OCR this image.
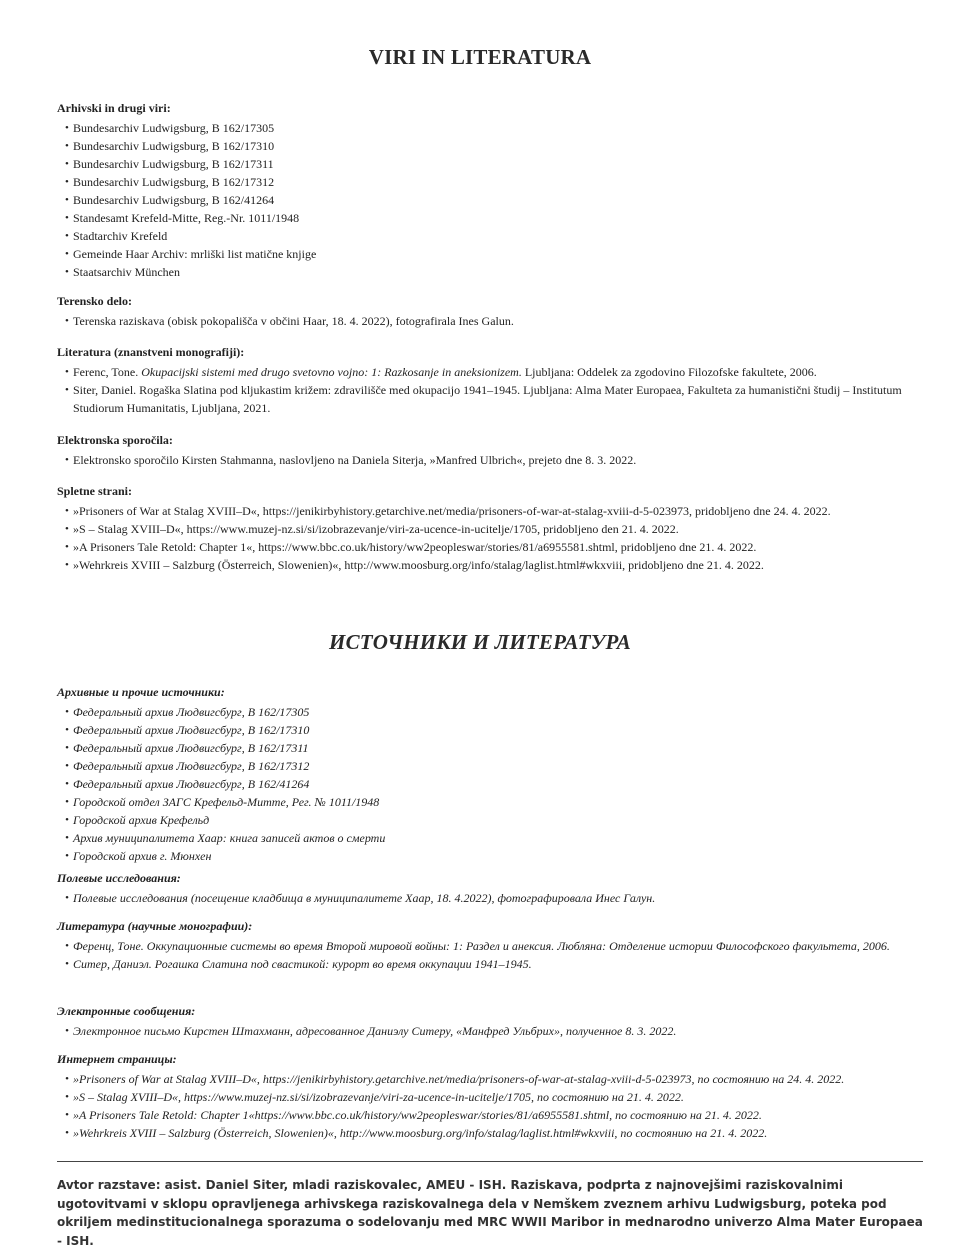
VIRI IN LITERATURA
Arhivski in drugi viri:
• Bundesarchiv Ludwigsburg, B 162/17305
• Bundesarchiv Ludwigsburg, B 162/17310
• Bundesarchiv Ludwigsburg, B 162/17311
• Bundesarchiv Ludwigsburg, B 162/17312
• Bundesarchiv Ludwigsburg, B 162/41264
• Standesamt Krefeld-Mitte, Reg.-Nr. 1011/1948
• Stadtarchiv Krefeld
• Gemeinde Haar Archiv: mrliški list matične knjige
• Staatsarchiv München
Terensko delo:
• Terenska raziskava (obisk pokopališča v občini Haar, 18. 4. 2022), fotografirala Ines Galun.
Literatura (znanstveni monografiji):
• Ferenc, Tone. Okupacijski sistemi med drugo svetovno vojno: 1: Razkosanje in aneksionizem. Ljubljana: Oddelek za zgodovino Filozofske fakultete, 2006.
• Siter, Daniel. Rogaška Slatina pod kljukastim križem: zdravilišče med okupacijo 1941–1945. Ljubljana: Alma Mater Europaea, Fakulteta za humanistični študij – Institutum Studiorum Humanitatis, Ljubljana, 2021.
Elektronska sporočila:
• Elektronsko sporočilo Kirsten Stahmanna, naslovljeno na Daniela Siterja, »Manfred Ulbrich«, prejeto dne 8. 3. 2022.
Spletne strani:
• »Prisoners of War at Stalag XVIII–D«, https://jenikirbyhistory.getarchive.net/media/prisoners-of-war-at-stalag-xviii-d-5-023973, pridobljeno dne 24. 4. 2022.
• »S – Stalag XVIII–D«, https://www.muzej-nz.si/si/izobrazevanje/viri-za-ucence-in-ucitelje/1705, pridobljeno den 21. 4. 2022.
• »A Prisoners Tale Retold: Chapter 1«, https://www.bbc.co.uk/history/ww2peopleswar/stories/81/a6955581.shtml, pridobljeno dne 21. 4. 2022.
• »Wehrkreis XVIII – Salzburg (Österreich, Slowenien)«, http://www.moosburg.org/info/stalag/laglist.html#wkxviii, pridobljeno dne 21. 4. 2022.
ИСТОЧНИКИ И ЛИТЕРАТУРА
Архивные и прочие источники:
• Федеральный архив Людвигсбург, B 162/17305
• Федеральный архив Людвигсбург, B 162/17310
• Федеральный архив Людвигсбург, B 162/17311
• Федеральный архив Людвигсбург, B 162/17312
• Федеральный архив Людвигсбург, B 162/41264
• Городской отдел ЗАГС Крефельд-Митте, Рег. № 1011/1948
• Городской архив Крефельд
• Архив муниципалитета Хаар: книга записей актов о смерти
• Городской архив г. Мюнхен
Полевые исследования:
• Полевые исследования (посещение кладбища в муниципалитете Хаар, 18. 4.2022), фотографировала Инес Галун.
Литература (научные монографии):
• Ференц, Тоне. Оккупационные системы во время Второй мировой войны: 1: Раздел и анексия. Любляна: Отделение истории Философского факультета, 2006.
• Ситер, Даниэл. Рогашка Слатина под свастикой: курорт во время оккупации 1941–1945.
Электронные сообщения:
• Электронное письмо Кирстен Штахманн, адресованное Даниэлу Ситеру, «Манфред Ульбрих», полученное 8. 3. 2022.
Интернет страницы:
• »Prisoners of War at Stalag XVIII–D«, https://jenikirbyhistory.getarchive.net/media/prisoners-of-war-at-stalag-xviii-d-5-023973, по состоянию на 24. 4. 2022.
• »S – Stalag XVIII–D«, https://www.muzej-nz.si/si/izobrazevanje/viri-za-ucence-in-ucitelje/1705, по состоянию на 21. 4. 2022.
• »A Prisoners Tale Retold: Chapter 1«https://www.bbc.co.uk/history/ww2peopleswar/stories/81/a6955581.shtml, по состоянию на 21. 4. 2022.
• »Wehrkreis XVIII – Salzburg (Österreich, Slowenien)«, http://www.moosburg.org/info/stalag/laglist.html#wkxviii, по состоянию на 21. 4. 2022.
Avtor razstave: asist. Daniel Siter, mladi raziskovalec, AMEU - ISH. Raziskava, podprta z najnovejšimi raziskovalnimi ugotovitvami v sklopu opravljenega arhivskega raziskovalnega dela v Nemškem zveznem arhivu Ludwigsburg, poteka pod okriljem medinstitucionalnega sporazuma o sodelovanju med MRC WWII Maribor in mednarodno univerzo Alma Mater Europaea - ISH.
